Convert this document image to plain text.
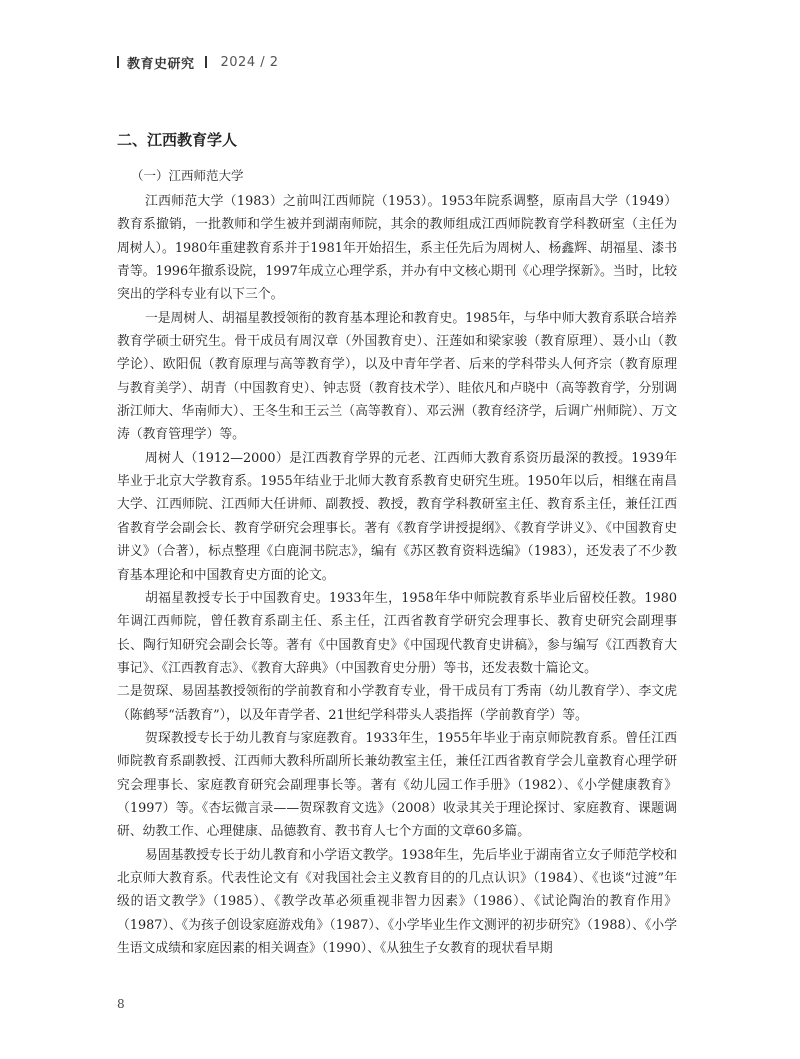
教育史研究 2024 / 2
二、江西教育学人
（一）江西师范大学

江西师范大学（1983）之前叫江西师院（1953）。1953年院系调整，原南昌大学（1949）教育系撤销，一批教师和学生被并到湖南师院，其余的教师组成江西师院教育学科教研室（主任为周树人）。1980年重建教育系并于1981年开始招生，系主任先后为周树人、杨鑫辉、胡福星、漆书青等。1996年撤系设院，1997年成立心理学系，并办有中文核心期刊《心理学探新》。当时，比较突出的学科专业有以下三个。

一是周树人、胡福星教授领衔的教育基本理论和教育史。1985年，与华中师大教育系联合培养教育学硕士研究生。骨干成员有周汉章（外国教育史）、汪莲如和梁家骏（教育原理）、聂小山（教学论）、欧阳侃（教育原理与高等教育学），以及中青年学者、后来的学科带头人何齐宗（教育原理与教育美学）、胡青（中国教育史）、钟志贤（教育技术学）、眭依凡和卢晓中（高等教育学，分别调浙江师大、华南师大）、王冬生和王云兰（高等教育）、邓云洲（教育经济学，后调广州师院）、万文涛（教育管理学）等。

周树人（1912—2000）是江西教育学界的元老、江西师大教育系资历最深的教授。1939年毕业于北京大学教育系。1955年结业于北师大教育系教育史研究生班。1950年以后，相继在南昌大学、江西师院、江西师大任讲师、副教授、教授，教育学科教研室主任、教育系主任，兼任江西省教育学会副会长、教育学研究会理事长。著有《教育学讲授提纲》、《教育学讲义》、《中国教育史讲义》（合著），标点整理《白鹿洞书院志》，编有《苏区教育资料选编》（1983），还发表了不少教育基本理论和中国教育史方面的论文。

胡福星教授专长于中国教育史。1933年生，1958年华中师院教育系毕业后留校任教。1980年调江西师院，曾任教育系副主任、系主任，江西省教育学研究会理事长、教育史研究会副理事长、陶行知研究会副会长等。著有《中国教育史》《中国现代教育史讲稿》，参与编写《江西教育大事记》、《江西教育志》、《教育大辞典》（中国教育史分册）等书，还发表数十篇论文。

二是贺琛、易固基教授领衔的学前教育和小学教育专业，骨干成员有丁秀南（幼儿教育学）、李文虎（陈鹤琴“活教育”），以及年青学者、21世纪学科带头人裘指挥（学前教育学）等。

贺琛教授专长于幼儿教育与家庭教育。1933年生，1955年毕业于南京师院教育系。曾任江西师院教育系副教授、江西师大教科所副所长兼幼教室主任，兼任江西省教育学会儿童教育心理学研究会理事长、家庭教育研究会副理事长等。著有《幼儿园工作手册》（1982）、《小学健康教育》（1997）等。《杏坛微言录——贺琛教育文选》（2008）收录其关于理论探讨、家庭教育、课题调研、幼教工作、心理健康、品德教育、教书育人七个方面的文章60多篇。

易固基教授专长于幼儿教育和小学语文教学。1938年生，先后毕业于湖南省立女子师范学校和北京师大教育系。代表性论文有《对我国社会主义教育目的的几点认识》（1984）、《也谈“过渡”年级的语文教学》（1985）、《教学改革必须重视非智力因素》（1986）、《试论陶治的教育作用》（1987）、《为孩子创设家庭游戏角》（1987）、《小学毕业生作文测评的初步研究》（1988）、《小学生语文成绩和家庭因素的相关调查》（1990）、《从独生子女教育的现状看早期

8
